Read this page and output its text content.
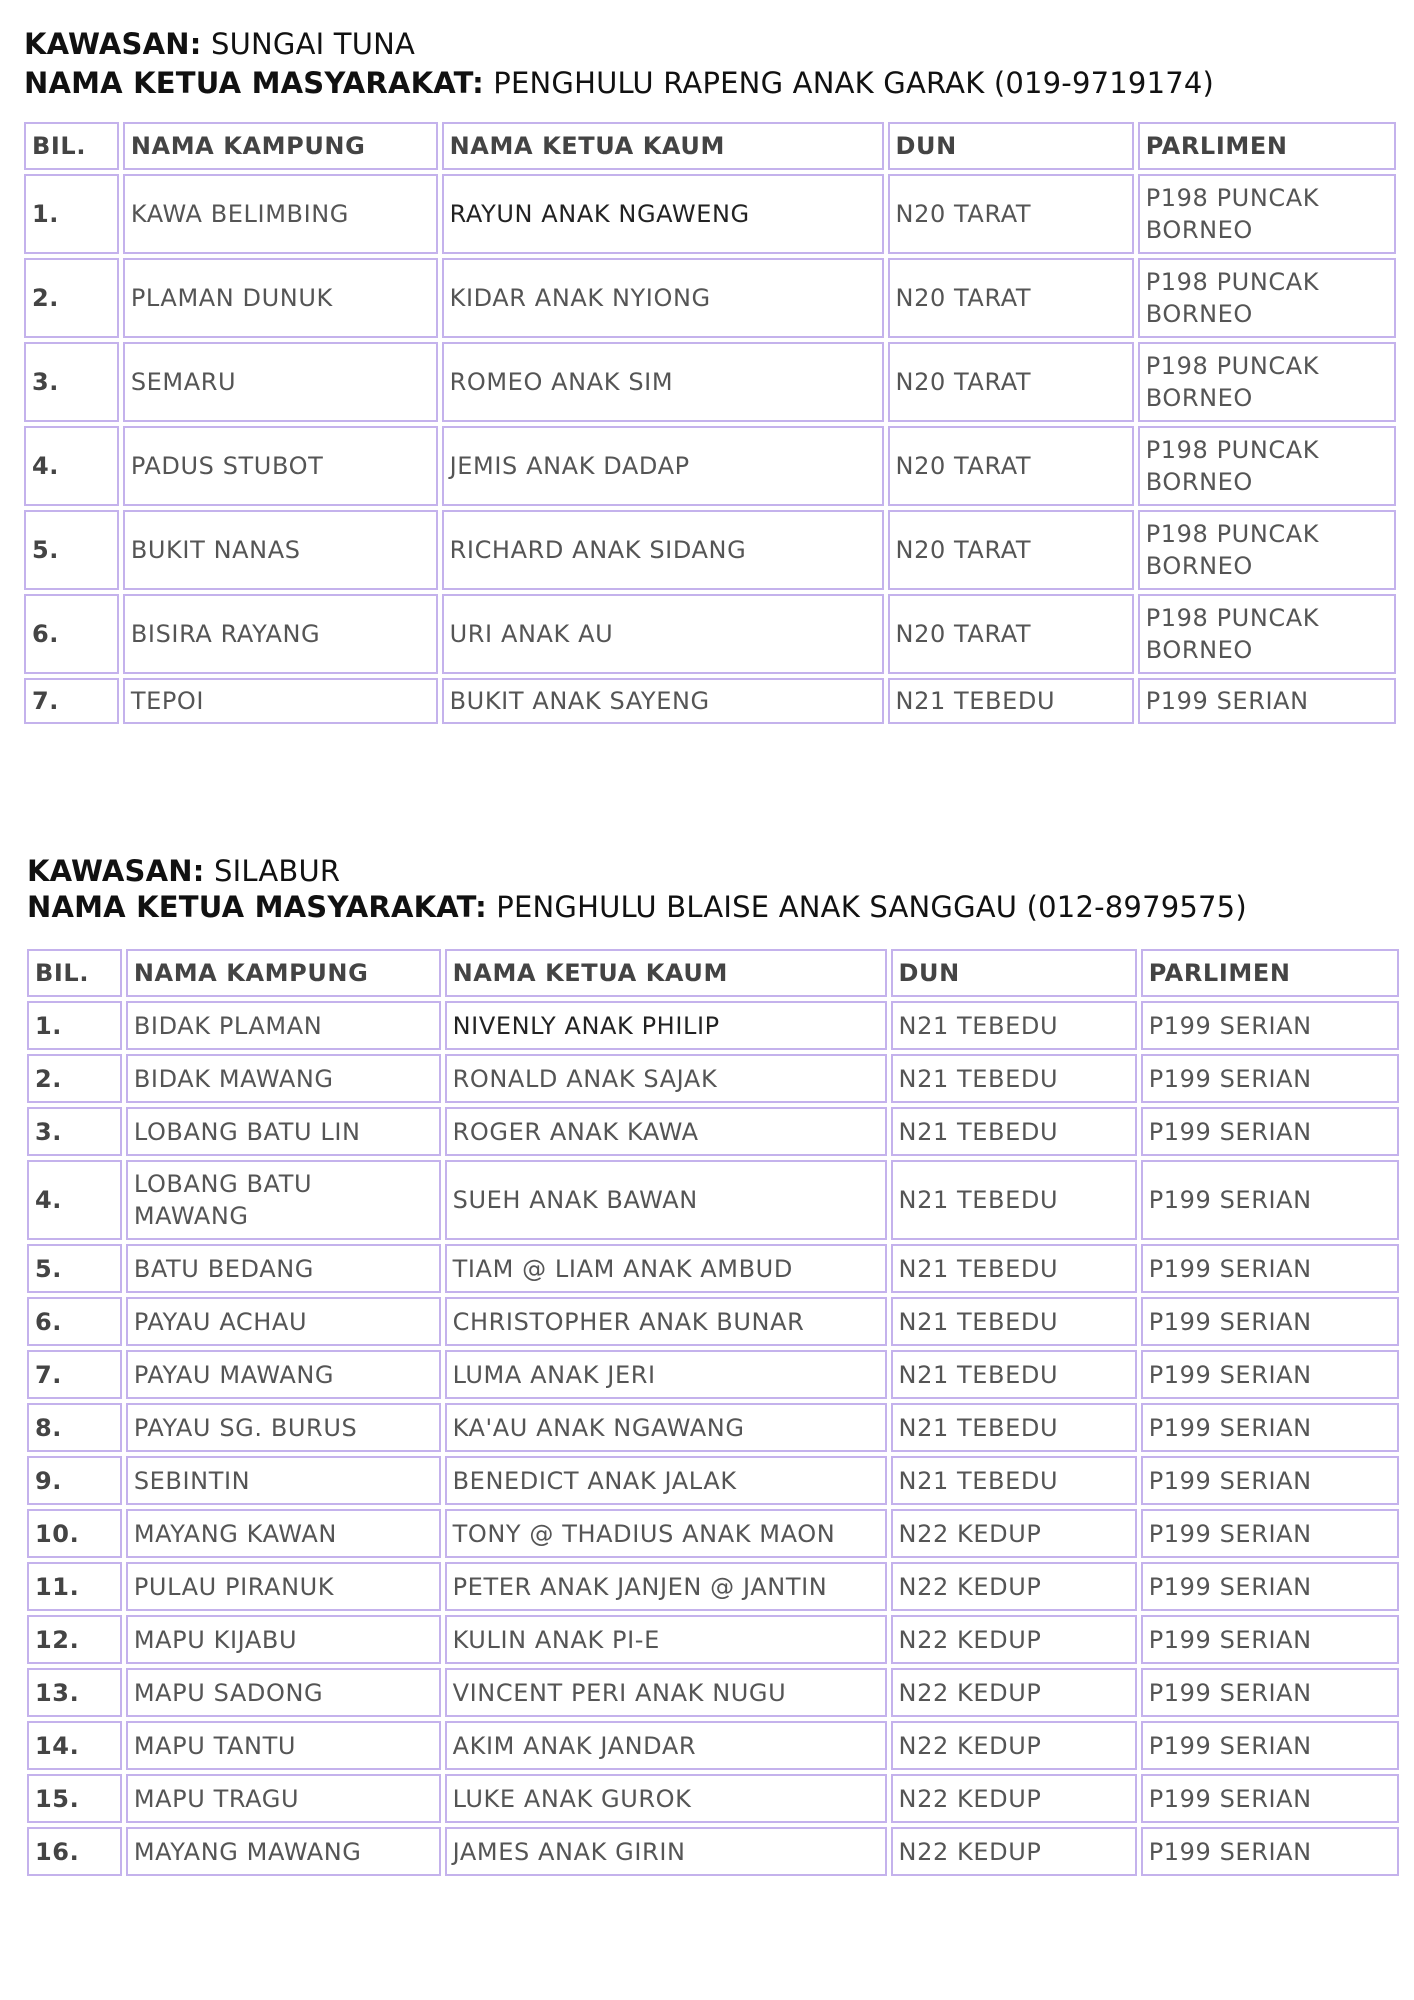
KAWASAN: SUNGAI TUNA
NAMA KETUA MASYARAKAT: PENGHULU RAPENG ANAK GARAK (019-9719174)
BIL.	NAMA KAMPUNG	NAMA KETUA KAUM	DUN	PARLIMEN
1.	KAWA BELIMBING	RAYUN ANAK NGAWENG	N20 TARAT	P198 PUNCAK BORNEO
2.	PLAMAN DUNUK	KIDAR ANAK NYIONG	N20 TARAT	P198 PUNCAK BORNEO
3.	SEMARU	ROMEO ANAK SIM	N20 TARAT	P198 PUNCAK BORNEO
4.	PADUS STUBOT	JEMIS ANAK DADAP	N20 TARAT	P198 PUNCAK BORNEO
5.	BUKIT NANAS	RICHARD ANAK SIDANG	N20 TARAT	P198 PUNCAK BORNEO
6.	BISIRA RAYANG	URI ANAK AU	N20 TARAT	P198 PUNCAK BORNEO
7.	TEPOI	BUKIT ANAK SAYENG	N21 TEBEDU	P199 SERIAN
KAWASAN: SILABUR
NAMA KETUA MASYARAKAT: PENGHULU BLAISE ANAK SANGGAU (012-8979575)
BIL.	NAMA KAMPUNG	NAMA KETUA KAUM	DUN	PARLIMEN
1.	BIDAK PLAMAN	NIVENLY ANAK PHILIP	N21 TEBEDU	P199 SERIAN
2.	BIDAK MAWANG	RONALD ANAK SAJAK	N21 TEBEDU	P199 SERIAN
3.	LOBANG BATU LIN	ROGER ANAK KAWA	N21 TEBEDU	P199 SERIAN
4.	LOBANG BATU MAWANG	SUEH ANAK BAWAN	N21 TEBEDU	P199 SERIAN
5.	BATU BEDANG	TIAM @ LIAM ANAK AMBUD	N21 TEBEDU	P199 SERIAN
6.	PAYAU ACHAU	CHRISTOPHER ANAK BUNAR	N21 TEBEDU	P199 SERIAN
7.	PAYAU MAWANG	LUMA ANAK JERI	N21 TEBEDU	P199 SERIAN
8.	PAYAU SG. BURUS	KA'AU ANAK NGAWANG	N21 TEBEDU	P199 SERIAN
9.	SEBINTIN	BENEDICT ANAK JALAK	N21 TEBEDU	P199 SERIAN
10.	MAYANG KAWAN	TONY @ THADIUS ANAK MAON	N22 KEDUP	P199 SERIAN
11.	PULAU PIRANUK	PETER ANAK JANJEN @ JANTIN	N22 KEDUP	P199 SERIAN
12.	MAPU KIJABU	KULIN ANAK PI-E	N22 KEDUP	P199 SERIAN
13.	MAPU SADONG	VINCENT PERI ANAK NUGU	N22 KEDUP	P199 SERIAN
14.	MAPU TANTU	AKIM ANAK JANDAR	N22 KEDUP	P199 SERIAN
15.	MAPU TRAGU	LUKE ANAK GUROK	N22 KEDUP	P199 SERIAN
16.	MAYANG MAWANG	JAMES ANAK GIRIN	N22 KEDUP	P199 SERIAN
